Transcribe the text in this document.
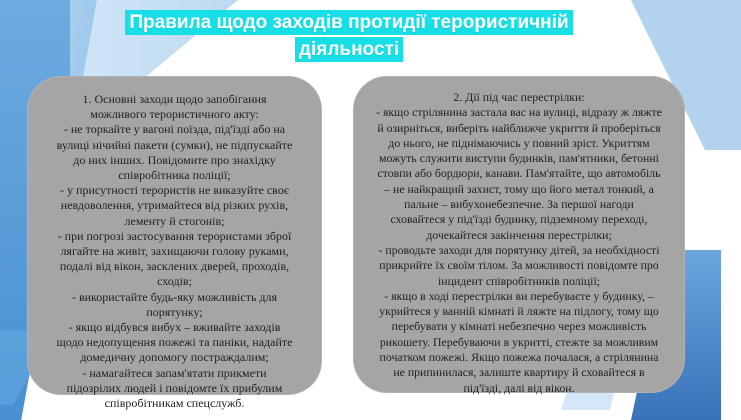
Правила щодо заходів протидії терористичній
діяльності

1. Основні заходи щодо запобігання
можливого терористичного акту:
- не торкайте у вагоні поїзда, під'їзді або на
вулиці нічийні пакети (сумки), не підпускайте
до них інших. Повідомите про знахідку
співробітника поліції;
- у присутності терористів не виказуйте своє
невдоволення, утримайтеся від різких рухів,
лементу й стогонів;
- при погрозі застосування терористами зброї
лягайте на живіт, захищаючи голову руками,
подалі від вікон, засклених дверей, проходів,
сходів;
- використайте будь-яку можливість для
порятунку;
- якщо відбувся вибух – вживайте заходів
щодо недопущення пожежі та паніки, надайте
домедичну допомогу постраждалим;
- намагайтеся запам'ятати прикмети
підозрілих людей і повідомте їх прибулим
співробітникам спецслужб.

2. Дії під час перестрілки:
- якщо стрілянина застала вас на вулиці, відразу ж ляжте
й озирніться, виберіть найближче укриття й проберіться
до нього, не піднімаючись у повний зріст. Укриттям
можуть служити виступи будинків, пам'ятники, бетонні
стовпи або бордюри, канави. Пам'ятайте, що автомобіль
– не найкращий захист, тому що його метал тонкий, а
пальне – вибухонебезпечне. За першої нагоди
сховайтеся у під'їзді будинку, підземному переході,
дочекайтеся закінчення перестрілки;
- проводьте заходи для порятунку дітей, за необхідності
прикрийте їх своїм тілом. За можливості повідомте про
інцидент співробітників поліції;
- якщо в ході перестрілки ви перебуваєте у будинку, –
укрийтеся у ванній кімнаті й ляжте на підлогу, тому що
перебувати у кімнаті небезпечно через можливість
рикошету. Перебуваючи в укритті, стежте за можливим
початком пожежі. Якщо пожежа почалася, а стрілянина
не припинилася, залиште квартиру й сховайтеся в
під'їзді, далі від вікон.
